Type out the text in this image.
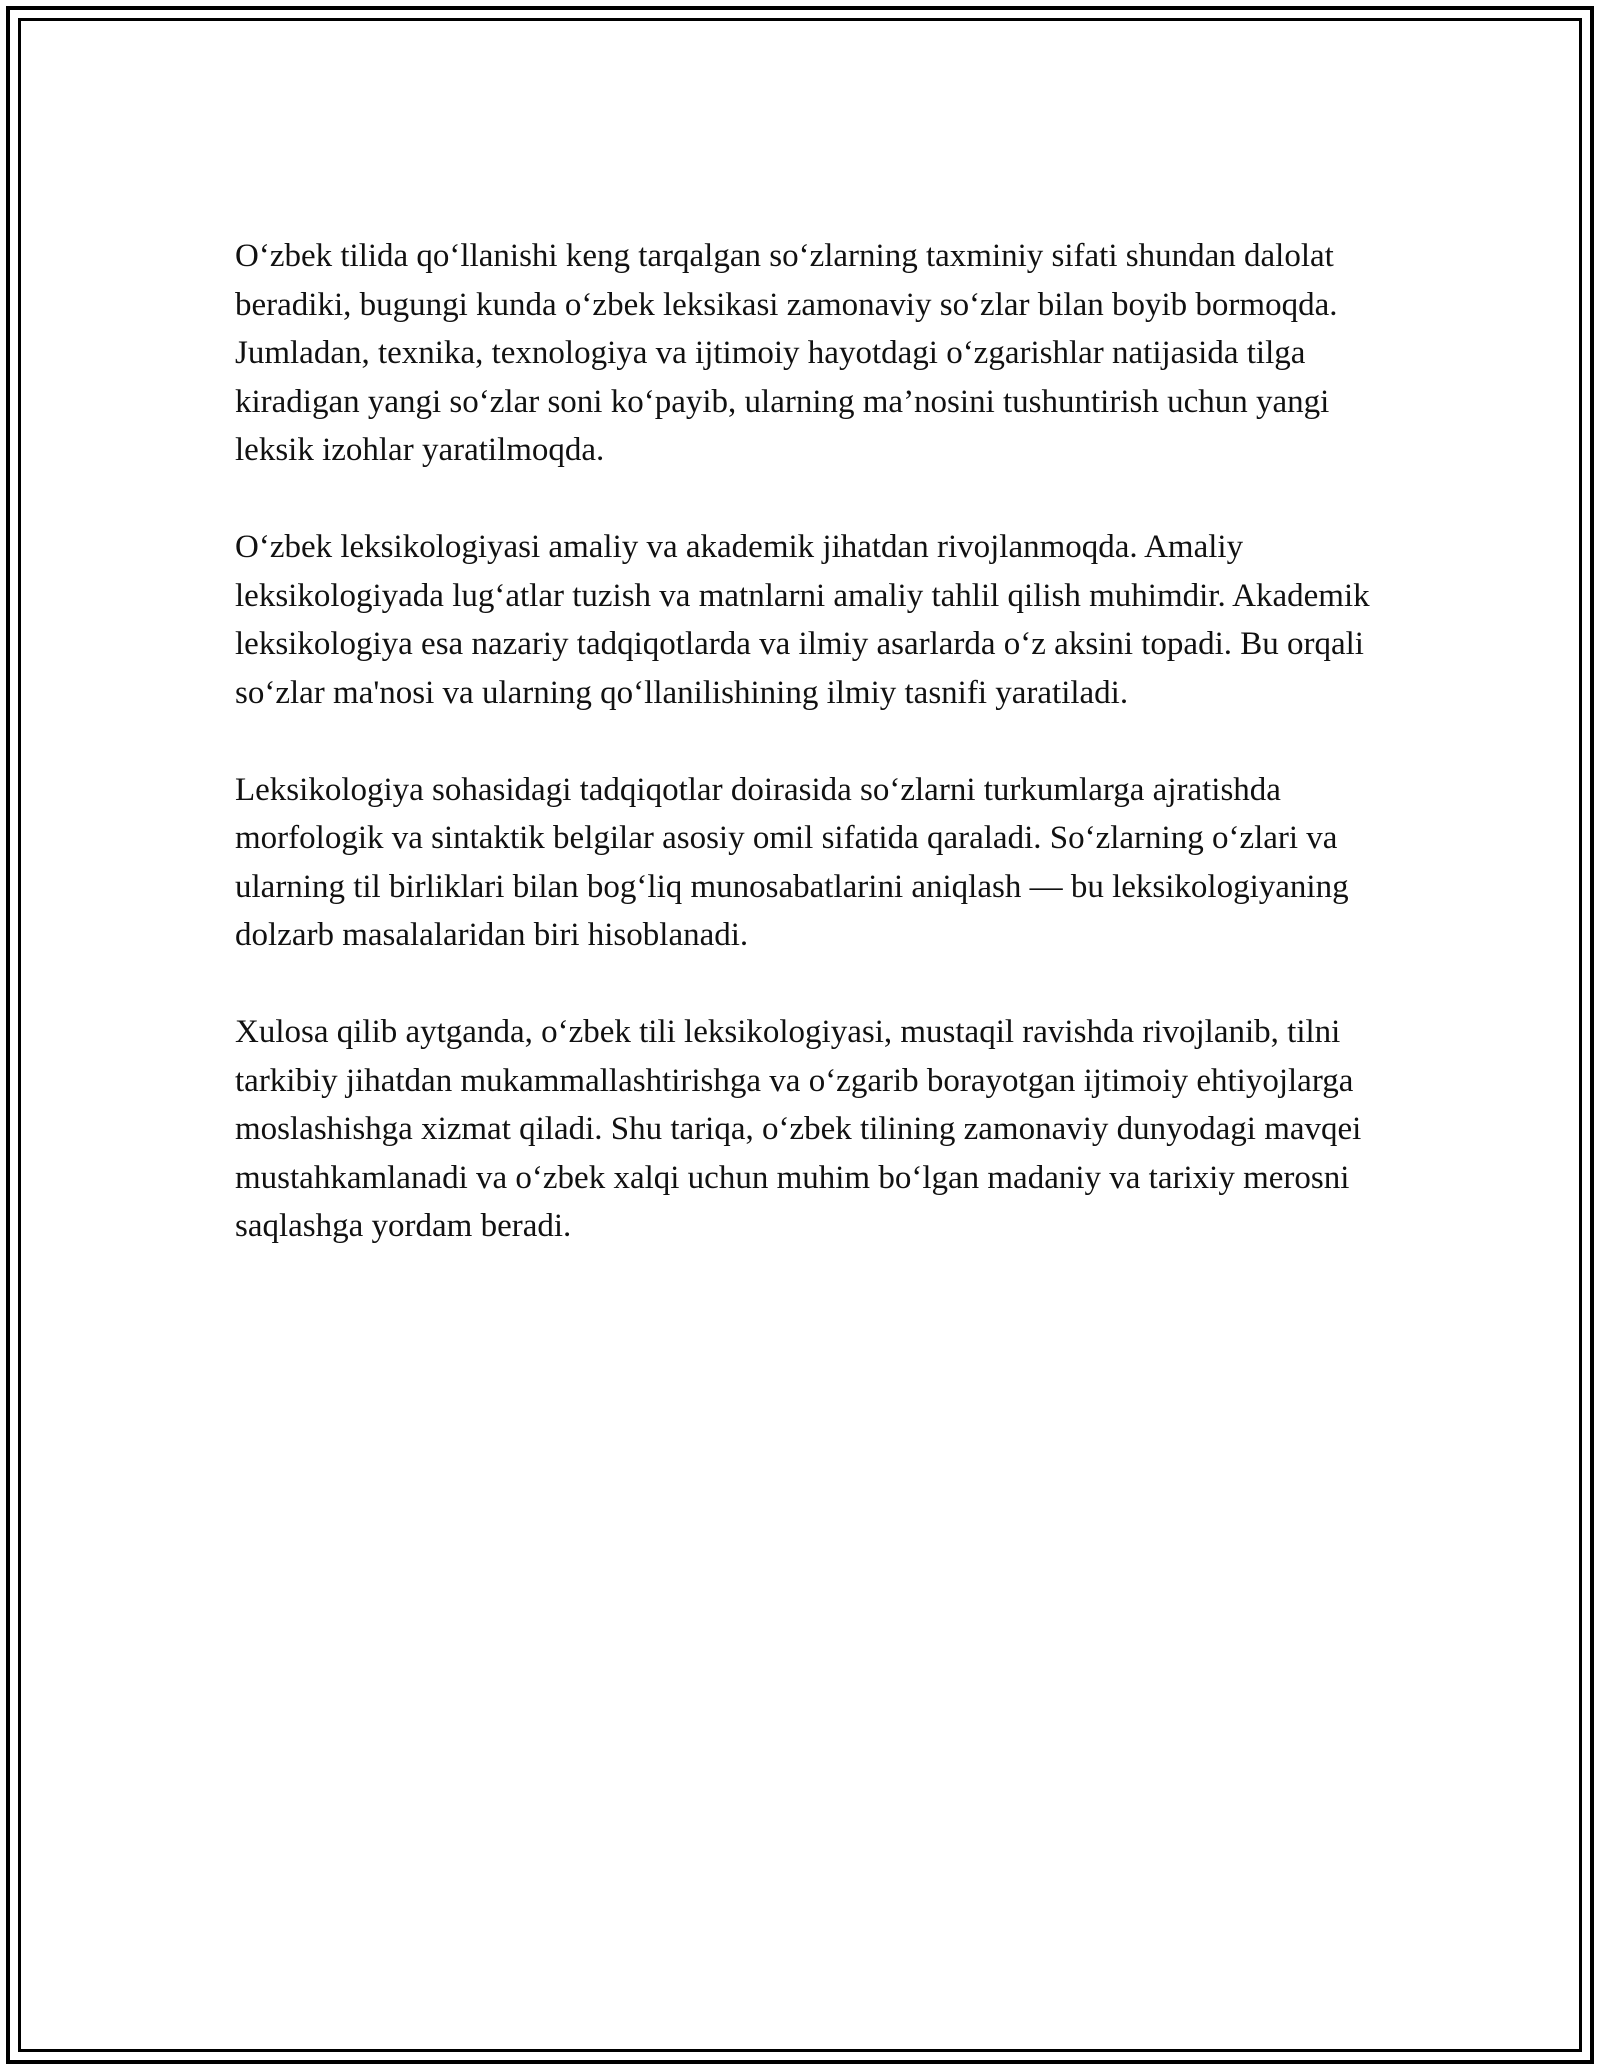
O‘zbek tilida qo‘llanishi keng tarqalgan so‘zlarning taxminiy sifati shundan dalolat beradiki, bugungi kunda o‘zbek leksikasi zamonaviy so‘zlar bilan boyib bormoqda. Jumladan, texnika, texnologiya va ijtimoiy hayotdagi o‘zgarishlar natijasida tilga kiradigan yangi so‘zlar soni ko‘payib, ularning ma’nosini tushuntirish uchun yangi leksik izohlar yaratilmoqda.

O‘zbek leksikologiyasi amaliy va akademik jihatdan rivojlanmoqda. Amaliy leksikologiyada lug‘atlar tuzish va matnlarni amaliy tahlil qilish muhimdir. Akademik leksikologiya esa nazariy tadqiqotlarda va ilmiy asarlarda o‘z aksini topadi. Bu orqali so‘zlar ma'nosi va ularning qo‘llanilishining ilmiy tasnifi yaratiladi.

Leksikologiya sohasidagi tadqiqotlar doirasida so‘zlarni turkumlarga ajratishda morfologik va sintaktik belgilar asosiy omil sifatida qaraladi. So‘zlarning o‘zlari va ularning til birliklari bilan bog‘liq munosabatlarini aniqlash — bu leksikologiyaning dolzarb masalalaridan biri hisoblanadi.

Xulosa qilib aytganda, o‘zbek tili leksikologiyasi, mustaqil ravishda rivojlanib, tilni tarkibiy jihatdan mukammallashtirishga va o‘zgarib borayotgan ijtimoiy ehtiyojlarga moslashishga xizmat qiladi. Shu tariqa, o‘zbek tilining zamonaviy dunyodagi mavqei mustahkamlanadi va o‘zbek xalqi uchun muhim bo‘lgan madaniy va tarixiy merosni saqlashga yordam beradi.
